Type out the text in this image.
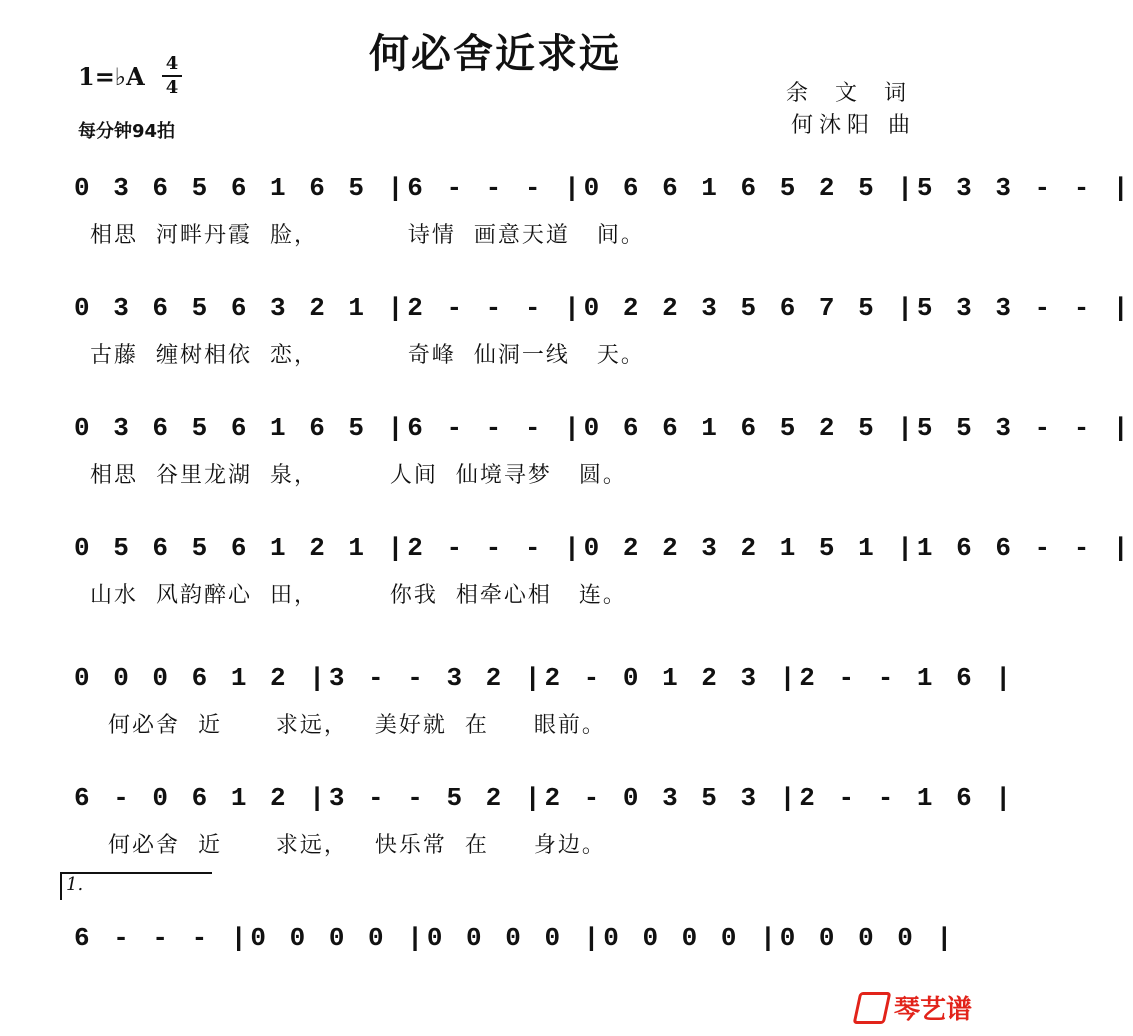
何必舍近求远
1=♭A 4
4
每分钟94拍
余 文 词
何沐阳 曲
0 3 6 5 6 1 6 5 |6 - - - |0 6 6 1 6 5 2 5 |5 3 3 - - |
相思  河畔丹霞  脸，          诗情  画意天道   间。
0 3 6 5 6 3 2 1 |2 - - - |0 2 2 3 5 6 7 5 |5 3 3 - - |
古藤  缠树相依  恋，          奇峰  仙洞一线   天。
0 3 6 5 6 1 6 5 |6 - - - |0 6 6 1 6 5 2 5 |5 5 3 - - |
相思  谷里龙湖  泉，        人间  仙境寻梦   圆。
0 5 6 5 6 1 2 1 |2 - - - |0 2 2 3 2 1 5 1 |1 6 6 - - |
山水  风韵醉心  田，        你我  相牵心相   连。
0 0 0 6 1 2 |3 - - 3 2 |2 - 0 1 2 3 |2 - - 1 6 |
何必舍  近      求远，   美好就  在     眼前。
6 - 0 6 1 2 |3 - - 5 2 |2 - 0 3 5 3 |2 - - 1 6 |
何必舍  近      求远，   快乐常  在     身边。
1.
6 - - - |0 0 0 0 |0 0 0 0 |0 0 0 0 |0 0 0 0 |
琴艺谱
